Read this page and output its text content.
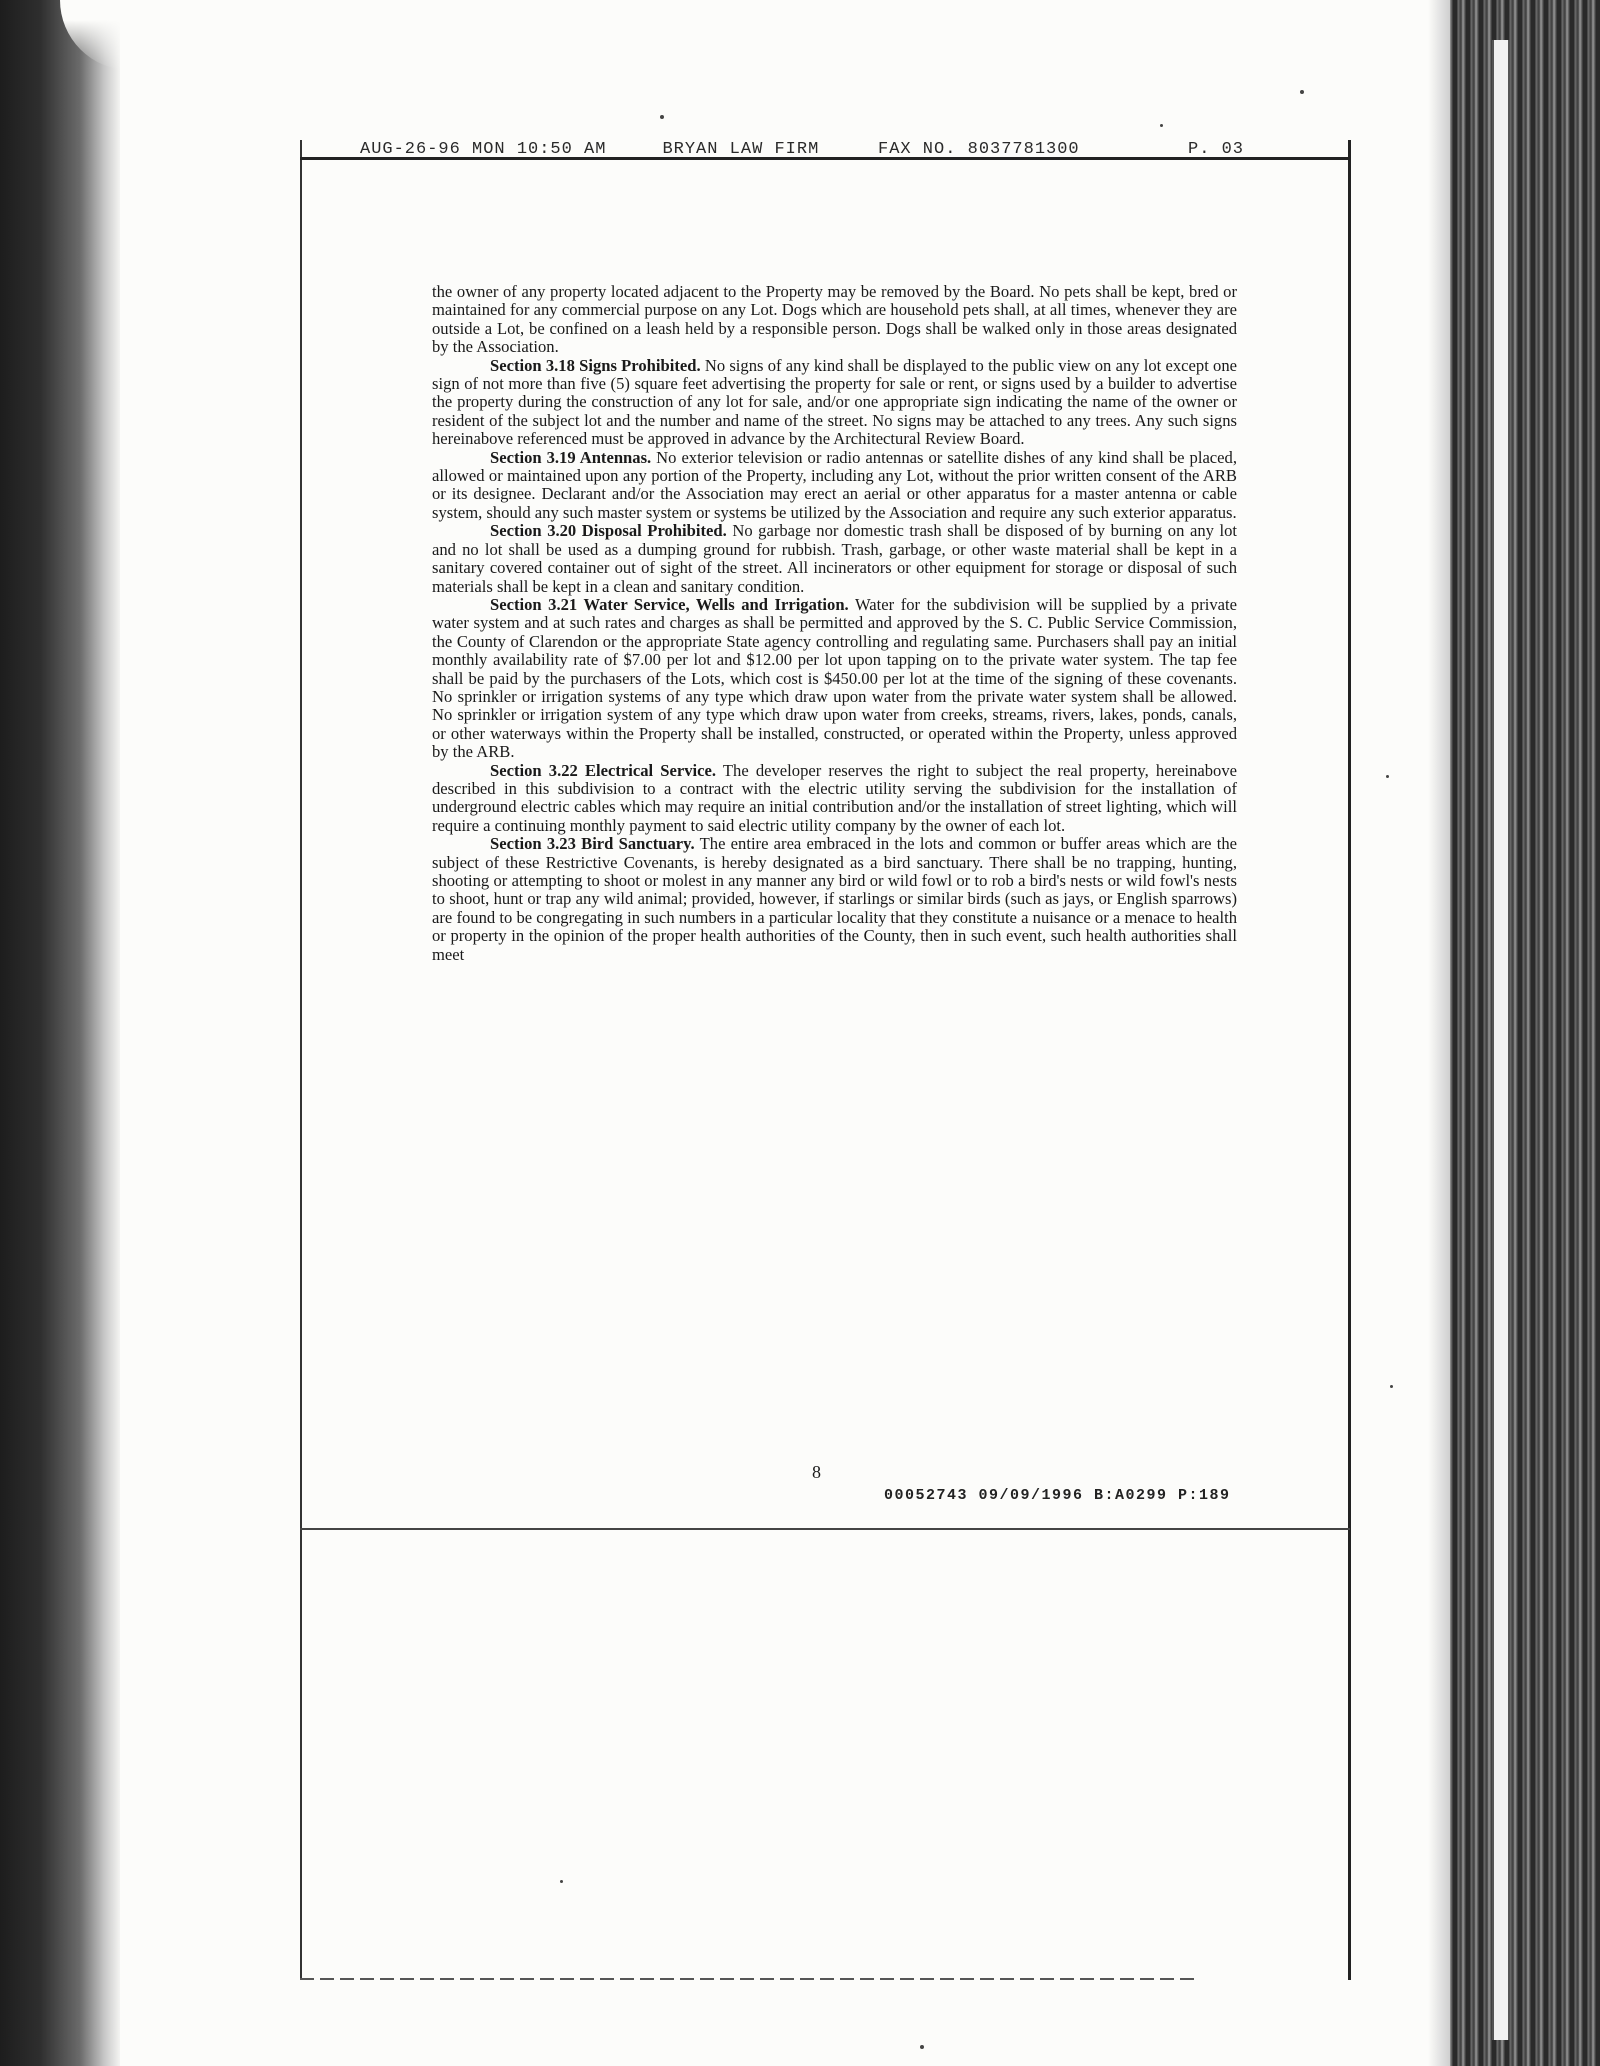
AUG-26-96 MON 10:50 AM	BRYAN LAW FIRM	FAX NO. 8037781300	P. 03

the owner of any property located adjacent to the Property may be removed by the Board. No pets shall be kept, bred or maintained for any commercial purpose on any Lot. Dogs which are household pets shall, at all times, whenever they are outside a Lot, be confined on a leash held by a responsible person. Dogs shall be walked only in those areas designated by the Association.

Section 3.18 Signs Prohibited. No signs of any kind shall be displayed to the public view on any lot except one sign of not more than five (5) square feet advertising the property for sale or rent, or signs used by a builder to advertise the property during the construction of any lot for sale, and/or one appropriate sign indicating the name of the owner or resident of the subject lot and the number and name of the street. No signs may be attached to any trees. Any such signs hereinabove referenced must be approved in advance by the Architectural Review Board.

Section 3.19 Antennas. No exterior television or radio antennas or satellite dishes of any kind shall be placed, allowed or maintained upon any portion of the Property, including any Lot, without the prior written consent of the ARB or its designee. Declarant and/or the Association may erect an aerial or other apparatus for a master antenna or cable system, should any such master system or systems be utilized by the Association and require any such exterior apparatus.

Section 3.20 Disposal Prohibited. No garbage nor domestic trash shall be disposed of by burning on any lot and no lot shall be used as a dumping ground for rubbish. Trash, garbage, or other waste material shall be kept in a sanitary covered container out of sight of the street. All incinerators or other equipment for storage or disposal of such materials shall be kept in a clean and sanitary condition.

Section 3.21 Water Service, Wells and Irrigation. Water for the subdivision will be supplied by a private water system and at such rates and charges as shall be permitted and approved by the S. C. Public Service Commission, the County of Clarendon or the appropriate State agency controlling and regulating same. Purchasers shall pay an initial monthly availability rate of $7.00 per lot and $12.00 per lot upon tapping on to the private water system. The tap fee shall be paid by the purchasers of the Lots, which cost is $450.00 per lot at the time of the signing of these covenants. No sprinkler or irrigation systems of any type which draw upon water from the private water system shall be allowed. No sprinkler or irrigation system of any type which draw upon water from creeks, streams, rivers, lakes, ponds, canals, or other waterways within the Property shall be installed, constructed, or operated within the Property, unless approved by the ARB.

Section 3.22 Electrical Service. The developer reserves the right to subject the real property, hereinabove described in this subdivision to a contract with the electric utility serving the subdivision for the installation of underground electric cables which may require an initial contribution and/or the installation of street lighting, which will require a continuing monthly payment to said electric utility company by the owner of each lot.

Section 3.23 Bird Sanctuary. The entire area embraced in the lots and common or buffer areas which are the subject of these Restrictive Covenants, is hereby designated as a bird sanctuary. There shall be no trapping, hunting, shooting or attempting to shoot or molest in any manner any bird or wild fowl or to rob a bird's nests or wild fowl's nests to shoot, hunt or trap any wild animal; provided, however, if starlings or similar birds (such as jays, or English sparrows) are found to be congregating in such numbers in a particular locality that they constitute a nuisance or a menace to health or property in the opinion of the proper health authorities of the County, then in such event, such health authorities shall meet

8
00052743 09/09/1996 B:A0299 P:189
